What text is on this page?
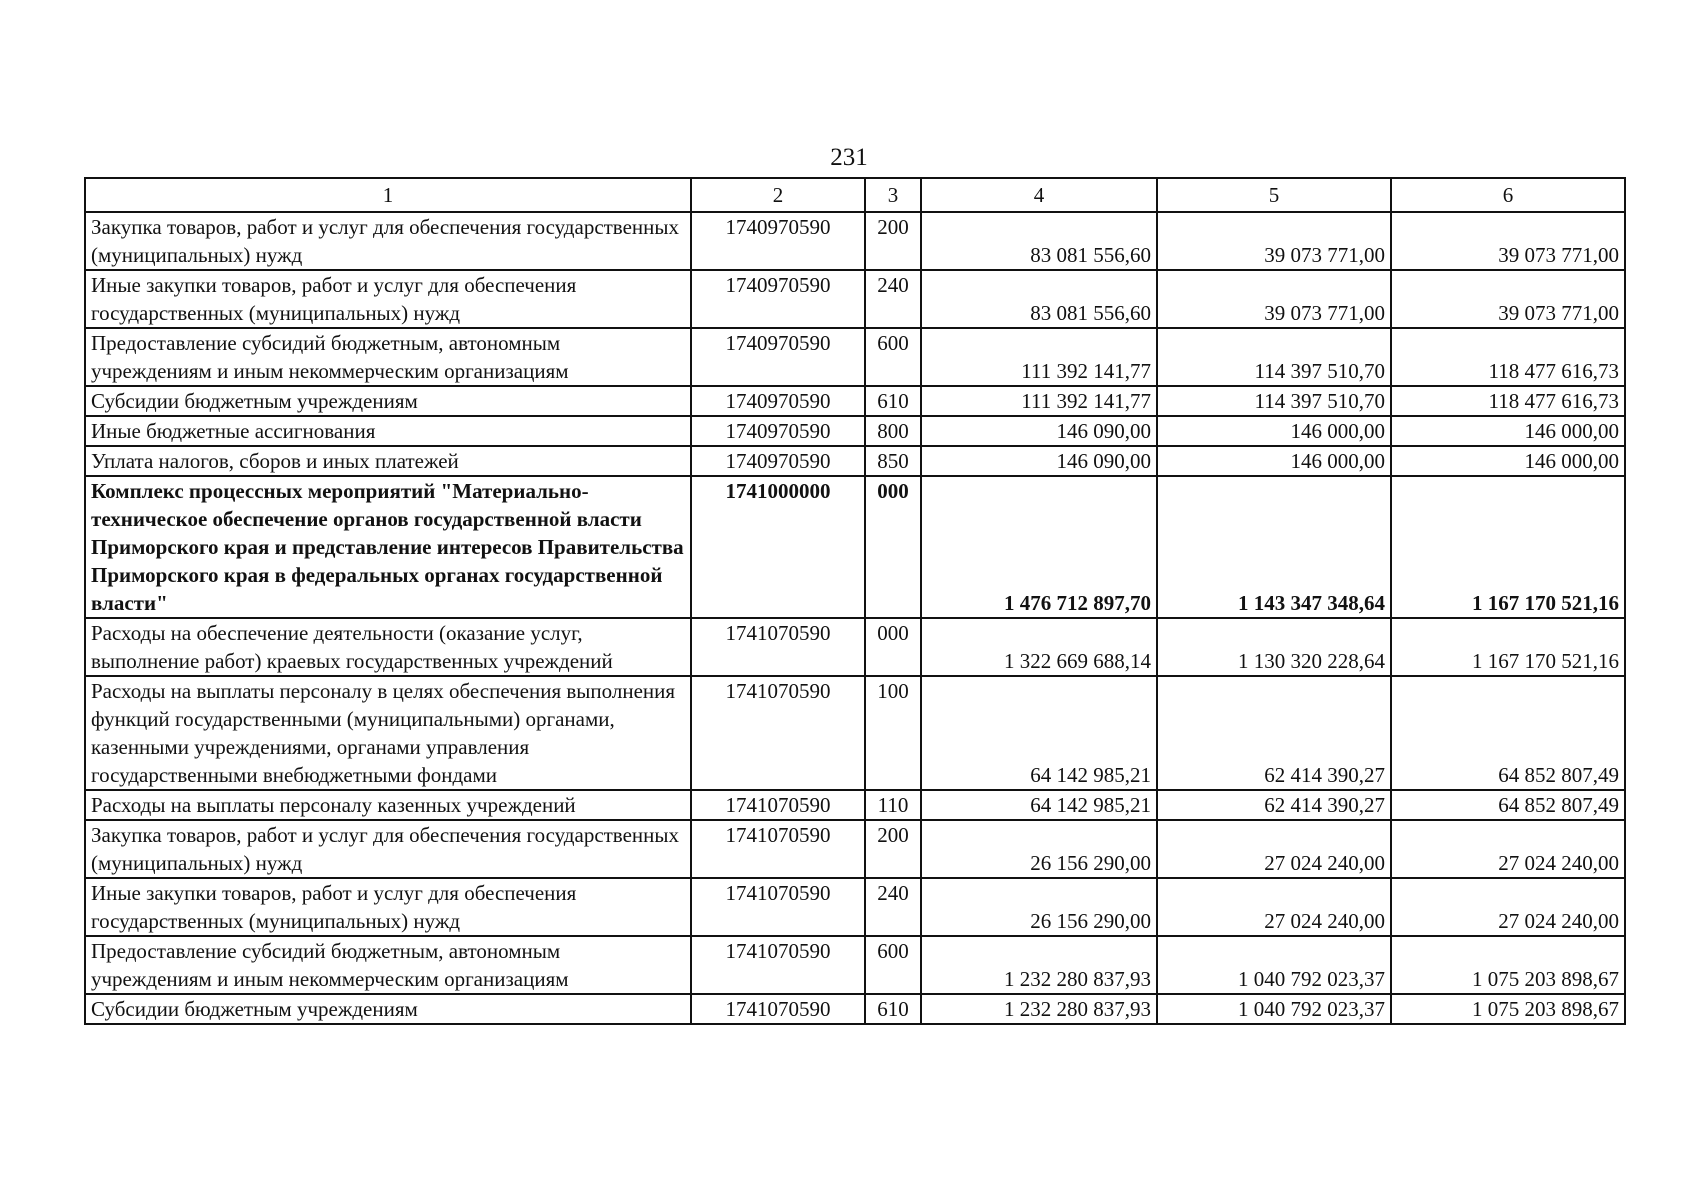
231
1	2	3	4	5	6
Закупка товаров, работ и услуг для обеспечения государственных (муниципальных) нужд	1740970590	200	83 081 556,60	39 073 771,00	39 073 771,00
Иные закупки товаров, работ и услуг для обеспечения государственных (муниципальных) нужд	1740970590	240	83 081 556,60	39 073 771,00	39 073 771,00
Предоставление субсидий бюджетным, автономным учреждениям и иным некоммерческим организациям	1740970590	600	111 392 141,77	114 397 510,70	118 477 616,73
Субсидии бюджетным учреждениям	1740970590	610	111 392 141,77	114 397 510,70	118 477 616,73
Иные бюджетные ассигнования	1740970590	800	146 090,00	146 000,00	146 000,00
Уплата налогов, сборов и иных платежей	1740970590	850	146 090,00	146 000,00	146 000,00
Комплекс процессных мероприятий "Материально-техническое обеспечение органов государственной власти Приморского края и представление интересов Правительства Приморского края в федеральных органах государственной власти"	1741000000	000	1 476 712 897,70	1 143 347 348,64	1 167 170 521,16
Расходы на обеспечение деятельности (оказание услуг, выполнение работ) краевых государственных учреждений	1741070590	000	1 322 669 688,14	1 130 320 228,64	1 167 170 521,16
Расходы на выплаты персоналу в целях обеспечения выполнения функций государственными (муниципальными) органами, казенными учреждениями, органами управления государственными внебюджетными фондами	1741070590	100	64 142 985,21	62 414 390,27	64 852 807,49
Расходы на выплаты персоналу казенных учреждений	1741070590	110	64 142 985,21	62 414 390,27	64 852 807,49
Закупка товаров, работ и услуг для обеспечения государственных (муниципальных) нужд	1741070590	200	26 156 290,00	27 024 240,00	27 024 240,00
Иные закупки товаров, работ и услуг для обеспечения государственных (муниципальных) нужд	1741070590	240	26 156 290,00	27 024 240,00	27 024 240,00
Предоставление субсидий бюджетным, автономным учреждениям и иным некоммерческим организациям	1741070590	600	1 232 280 837,93	1 040 792 023,37	1 075 203 898,67
Субсидии бюджетным учреждениям	1741070590	610	1 232 280 837,93	1 040 792 023,37	1 075 203 898,67
